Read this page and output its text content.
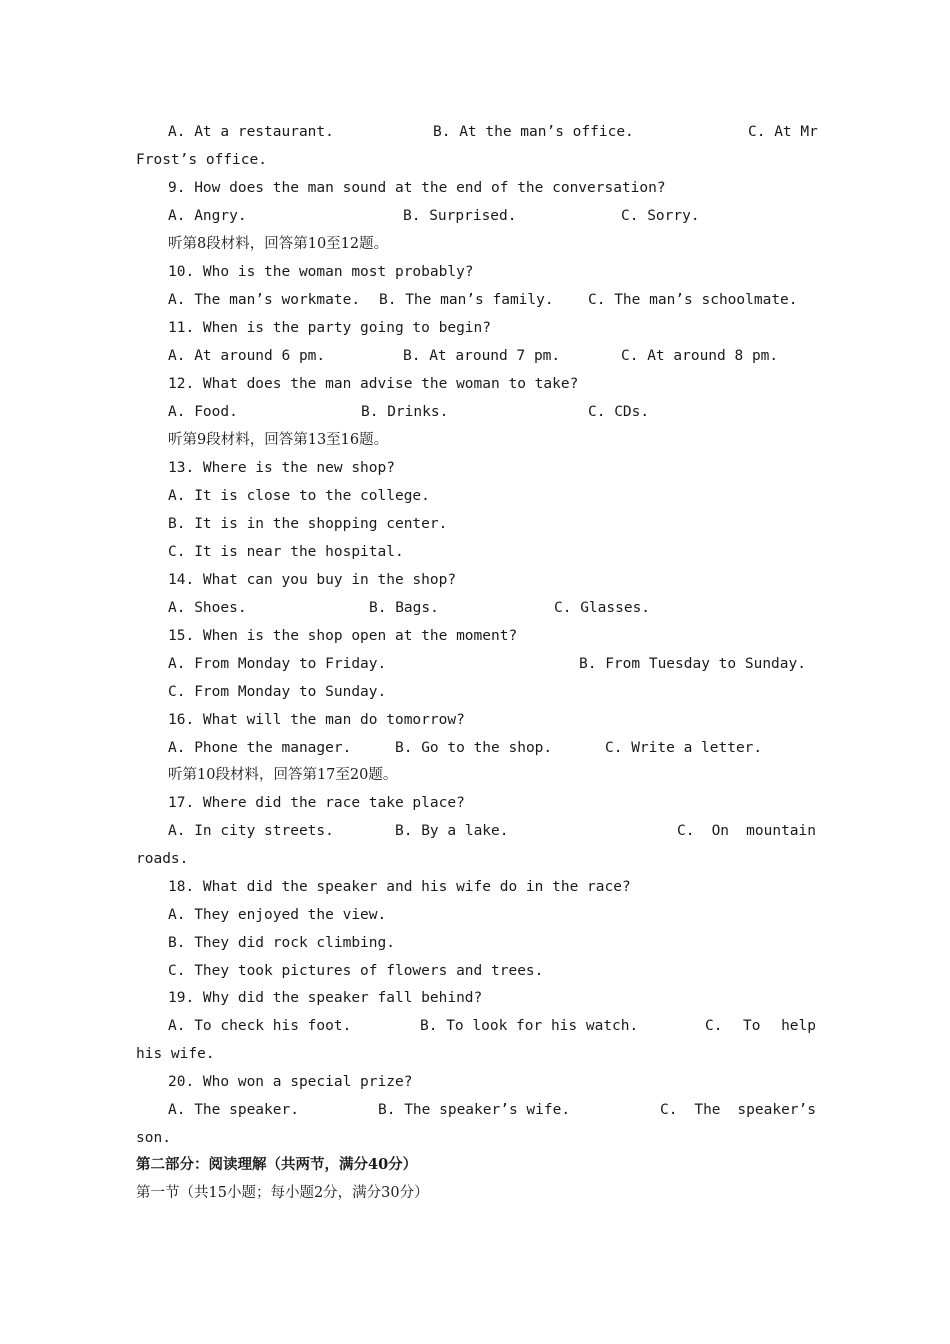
A. At a restaurant.	B. At the man’s office.	C. At Mr
Frost’s office.
9. How does the man sound at the end of the conversation?
A. Angry.	B. Surprised.	C. Sorry.
听第8段材料，回答第10至12题。
10. Who is the woman most probably?
A. The man’s workmate.	B. The man’s family.	C. The man’s schoolmate.
11. When is the party going to begin?
A. At around 6 pm.	B. At around 7 pm.	C. At around 8 pm.
12. What does the man advise the woman to take?
A. Food.	B. Drinks.	C. CDs.
听第9段材料，回答第13至16题。
13. Where is the new shop?
A. It is close to the college.
B. It is in the shopping center.
C. It is near the hospital.
14. What can you buy in the shop?
A. Shoes.	B. Bags.	C. Glasses.
15. When is the shop open at the moment?
A. From Monday to Friday.	B. From Tuesday to Sunday.
C. From Monday to Sunday.
16. What will the man do tomorrow?
A. Phone the manager.	B. Go to the shop.	C. Write a letter.
听第10段材料，回答第17至20题。
17. Where did the race take place?
A. In city streets.	B. By a lake.	C. On mountain
roads.
18. What did the speaker and his wife do in the race?
A. They enjoyed the view.
B. They did rock climbing.
C. They took pictures of flowers and trees.
19. Why did the speaker fall behind?
A. To check his foot.	B. To look for his watch.	C. To help
his wife.
20. Who won a special prize?
A. The speaker.	B. The speaker’s wife.	C. The speaker’s
son.
第二部分：阅读理解（共两节，满分40分）
第一节（共15小题；每小题2分，满分30分）
